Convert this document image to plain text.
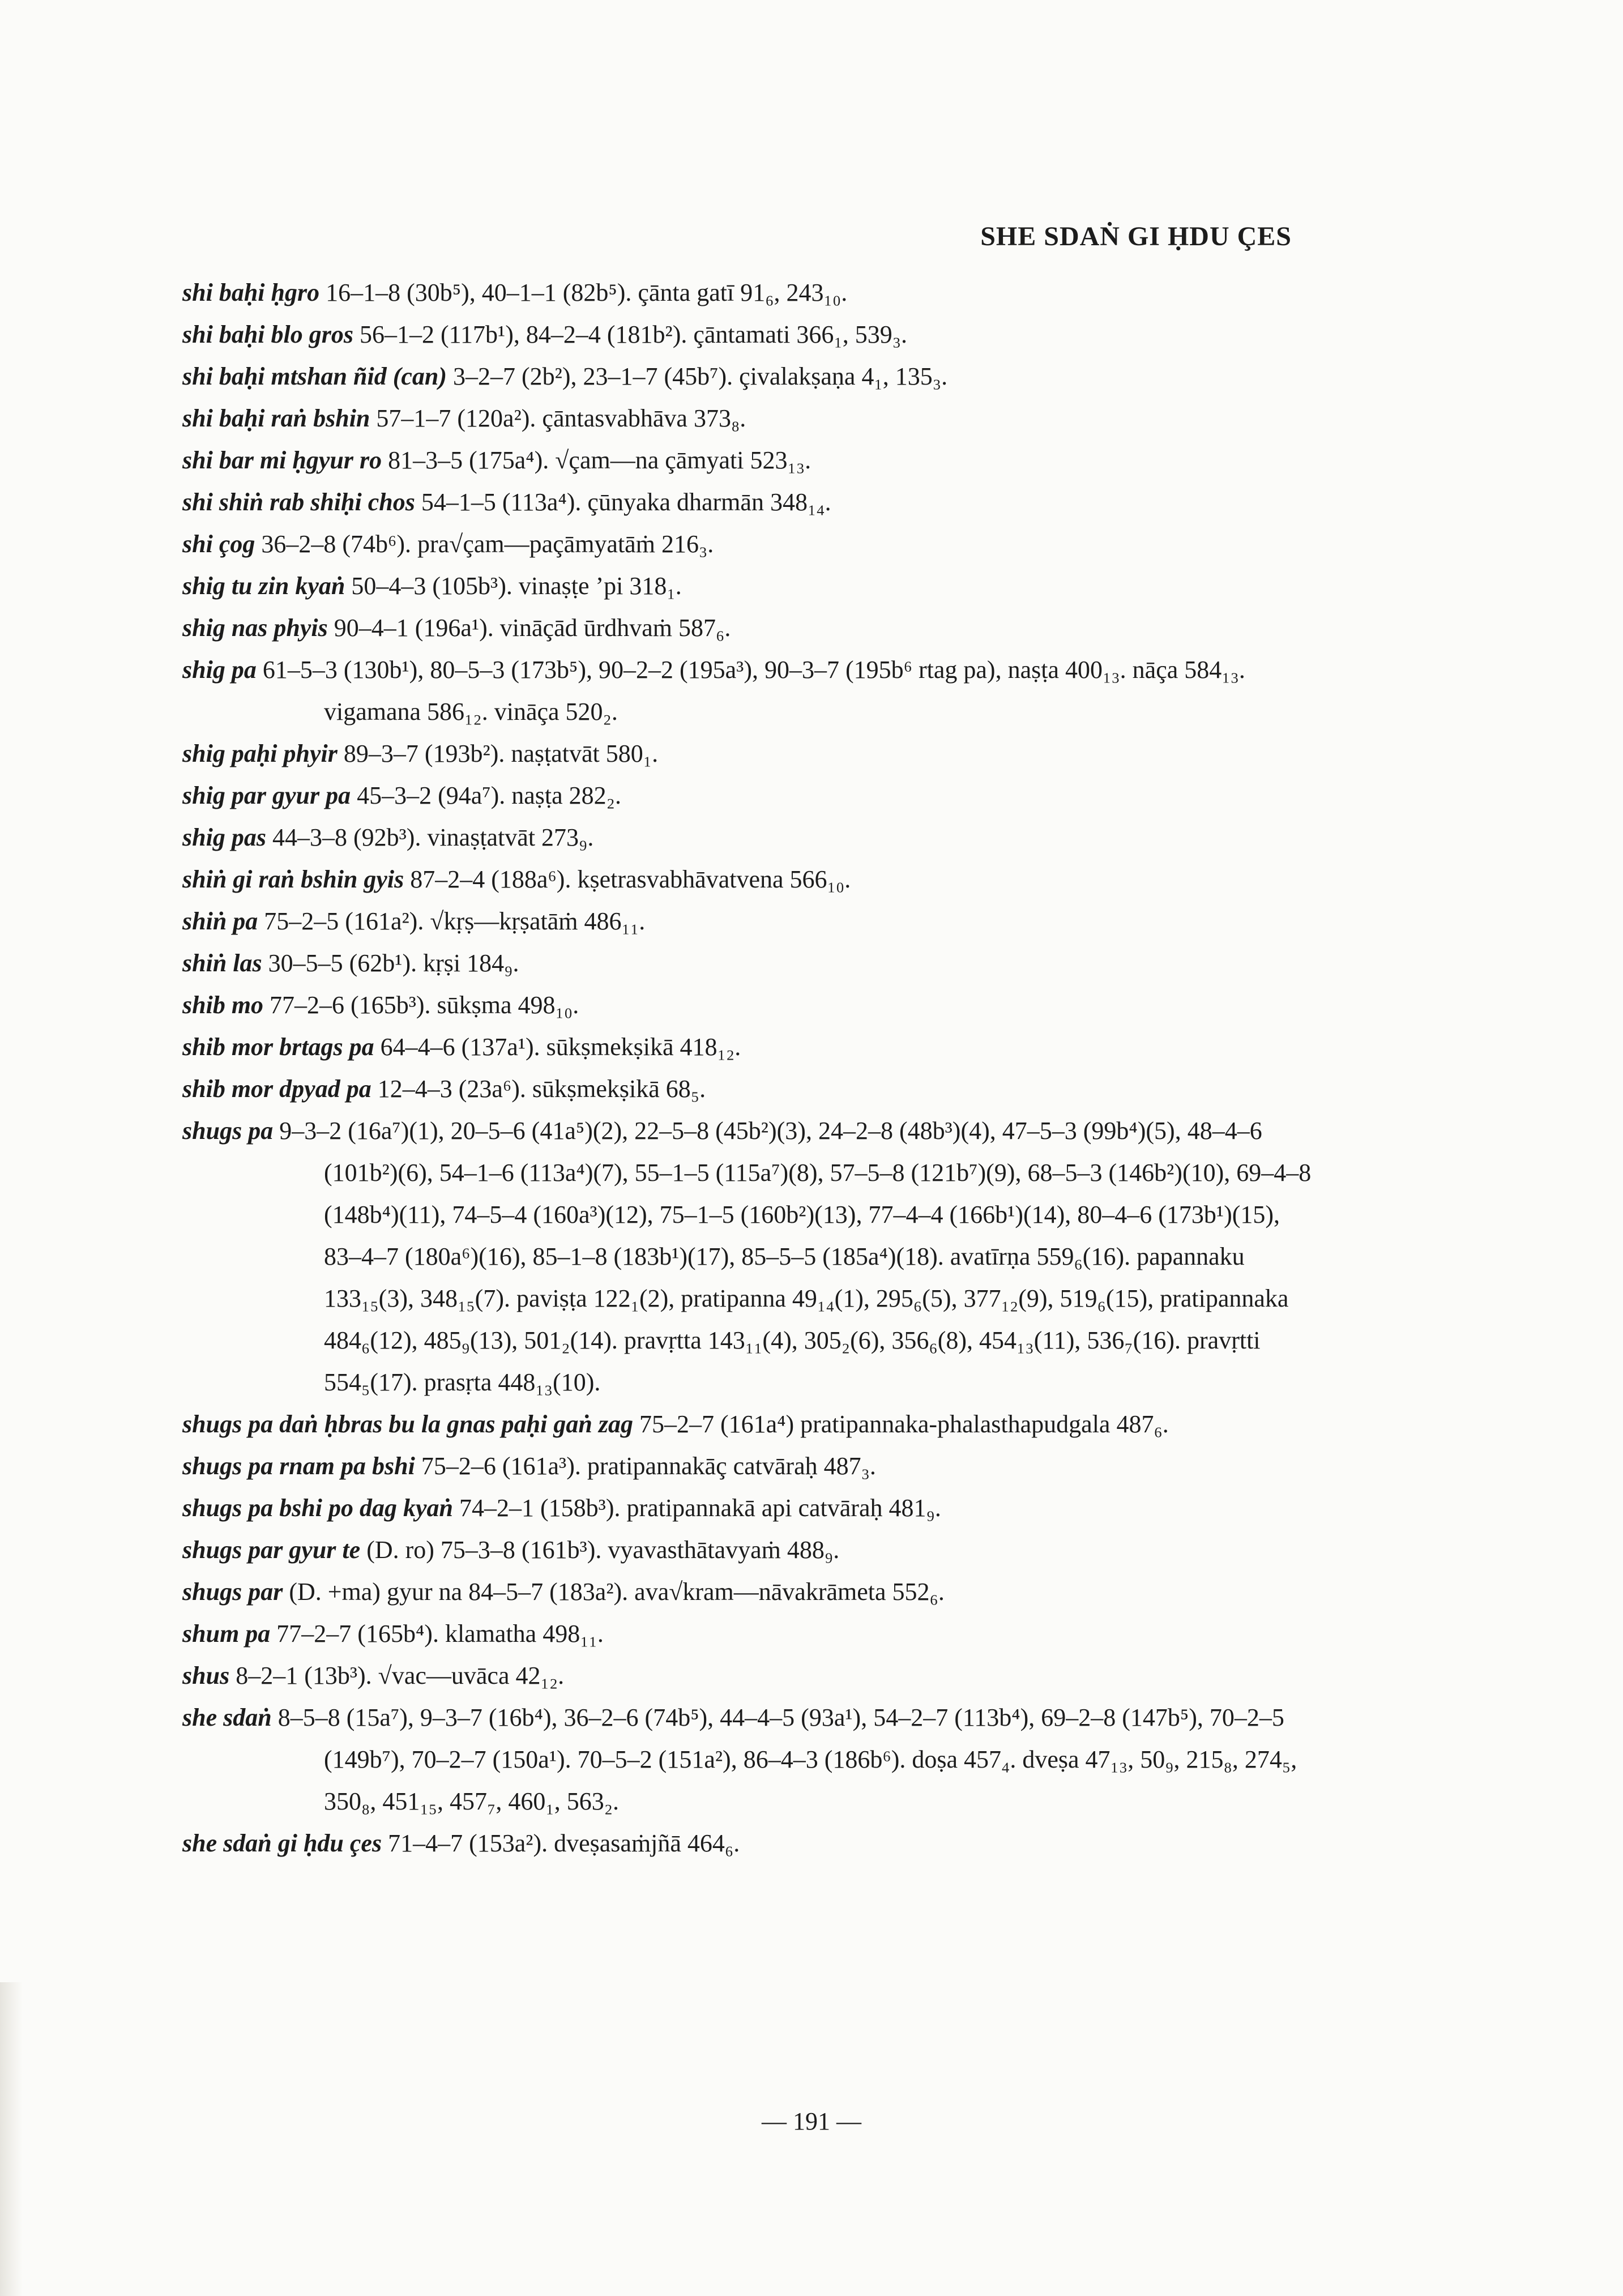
SHE SDAṄ GI ḤDU ÇES
shi baḥi ḥgro 16–1–8 (30b⁵), 40–1–1 (82b⁵). çānta gatī 91₆, 243₁₀.
shi baḥi blo gros 56–1–2 (117b¹), 84–2–4 (181b²). çāntamati 366₁, 539₃.
shi baḥi mtshan ñid (can) 3–2–7 (2b²), 23–1–7 (45b⁷). çivalakṣaṇa 4₁, 135₃.
shi baḥi raṅ bshin 57–1–7 (120a²). çāntasvabhāva 373₈.
shi bar mi ḥgyur ro 81–3–5 (175a⁴). √çam—na çāmyati 523₁₃.
shi shiṅ rab shiḥi chos 54–1–5 (113a⁴). çūnyaka dharmān 348₁₄.
shi çog 36–2–8 (74b⁶). pra√çam—paçāmyatāṁ 216₃.
shig tu zin kyaṅ 50–4–3 (105b³). vinaṣṭe ’pi 318₁.
shig nas phyis 90–4–1 (196a¹). vināçād ūrdhvaṁ 587₆.
shig pa 61–5–3 (130b¹), 80–5–3 (173b⁵), 90–2–2 (195a³), 90–3–7 (195b⁶ rtag pa), naṣṭa 400₁₃. nāça 584₁₃. vigamana 586₁₂. vināça 520₂.
shig paḥi phyir 89–3–7 (193b²). naṣṭatvāt 580₁.
shig par gyur pa 45–3–2 (94a⁷). naṣṭa 282₂.
shig pas 44–3–8 (92b³). vinaṣṭatvāt 273₉.
shiṅ gi raṅ bshin gyis 87–2–4 (188a⁶). kṣetrasvabhāvatvena 566₁₀.
shiṅ pa 75–2–5 (161a²). √kṛṣ—kṛṣatāṁ 486₁₁.
shiṅ las 30–5–5 (62b¹). kṛṣi 184₉.
shib mo 77–2–6 (165b³). sūkṣma 498₁₀.
shib mor brtags pa 64–4–6 (137a¹). sūkṣmekṣikā 418₁₂.
shib mor dpyad pa 12–4–3 (23a⁶). sūkṣmekṣikā 68₅.
shugs pa 9–3–2 (16a⁷)(1), 20–5–6 (41a⁵)(2), 22–5–8 (45b²)(3), 24–2–8 (48b³)(4), 47–5–3 (99b⁴)(5), 48–4–6 (101b²)(6), 54–1–6 (113a⁴)(7), 55–1–5 (115a⁷)(8), 57–5–8 (121b⁷)(9), 68–5–3 (146b²)(10), 69–4–8 (148b⁴)(11), 74–5–4 (160a³)(12), 75–1–5 (160b²)(13), 77–4–4 (166b¹)(14), 80–4–6 (173b¹)(15), 83–4–7 (180a⁶)(16), 85–1–8 (183b¹)(17), 85–5–5 (185a⁴)(18). avatīrṇa 559₆(16). papannaku 133₁₅(3), 348₁₅(7). paviṣṭa 122₁(2), pratipanna 49₁₄(1), 295₆(5), 377₁₂(9), 519₆(15), pratipannaka 484₆(12), 485₉(13), 501₂(14). pravṛtta 143₁₁(4), 305₂(6), 356₆(8), 454₁₃(11), 536₇(16). pravṛtti 554₅(17). prasṛta 448₁₃(10).
shugs pa daṅ ḥbras bu la gnas paḥi gaṅ zag 75–2–7 (161a⁴) pratipannaka-phalasthapudgala 487₆.
shugs pa rnam pa bshi 75–2–6 (161a³). pratipannakāç catvāraḥ 487₃.
shugs pa bshi po dag kyaṅ 74–2–1 (158b³). pratipannakā api catvāraḥ 481₉.
shugs par gyur te (D. ro) 75–3–8 (161b³). vyavasthātavyaṁ 488₉.
shugs par (D. +ma) gyur na 84–5–7 (183a²). ava√kram—nāvakrāmeta 552₆.
shum pa 77–2–7 (165b⁴). klamatha 498₁₁.
shus 8–2–1 (13b³). √vac—uvāca 42₁₂.
she sdaṅ 8–5–8 (15a⁷), 9–3–7 (16b⁴), 36–2–6 (74b⁵), 44–4–5 (93a¹), 54–2–7 (113b⁴), 69–2–8 (147b⁵), 70–2–5 (149b⁷), 70–2–7 (150a¹). 70–5–2 (151a²), 86–4–3 (186b⁶). doṣa 457₄. dveṣa 47₁₃, 50₉, 215₈, 274₅, 350₈, 451₁₅, 457₇, 460₁, 563₂.
she sdaṅ gi ḥdu çes 71–4–7 (153a²). dveṣasaṁjñā 464₆.
— 191 —
